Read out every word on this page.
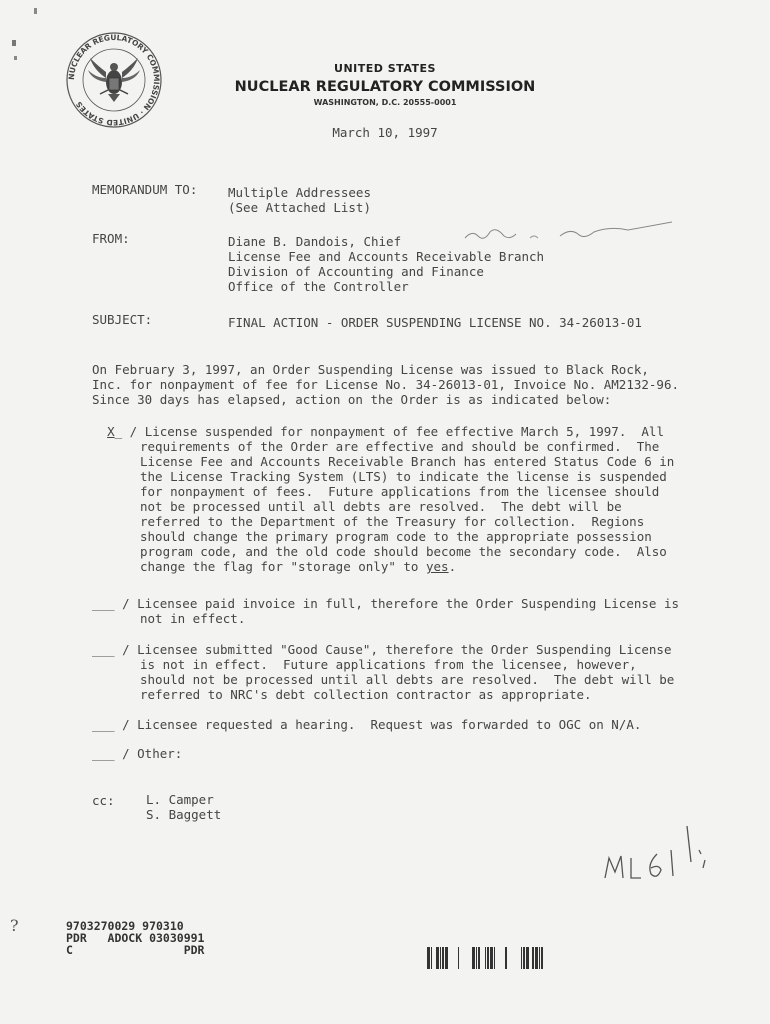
NUCLEAR REGULATORY COMMISSION · UNITED STATES
UNITED STATES
NUCLEAR REGULATORY COMMISSION
WASHINGTON, D.C. 20555-0001
March 10, 1997
MEMORANDUM TO: Multiple Addressees
(See Attached List)
FROM:	Diane B. Dandois, Chief
License Fee and Accounts Receivable Branch
Division of Accounting and Finance
Office of the Controller
SUBJECT:	FINAL ACTION - ORDER SUSPENDING LICENSE NO. 34-26013-01
On February 3, 1997, an Order Suspending License was issued to Black Rock,
Inc. for nonpayment of fee for License No. 34-26013-01, Invoice No. AM2132-96.
Since 30 days has elapsed, action on the Order is as indicated below:
X_ / License suspended for nonpayment of fee effective March 5, 1997.  All
requirements of the Order are effective and should be confirmed.  The
License Fee and Accounts Receivable Branch has entered Status Code 6 in
the License Tracking System (LTS) to indicate the license is suspended
for nonpayment of fees.  Future applications from the licensee should
not be processed until all debts are resolved.  The debt will be
referred to the Department of the Treasury for collection.  Regions
should change the primary program code to the appropriate possession
program code, and the old code should become the secondary code.  Also
change the flag for "storage only" to yes.
___ / Licensee paid invoice in full, therefore the Order Suspending License is
not in effect.
___ / Licensee submitted "Good Cause", therefore the Order Suspending License
is not in effect.  Future applications from the licensee, however,
should not be processed until all debts are resolved.  The debt will be
referred to NRC's debt collection contractor as appropriate.
___ / Licensee requested a hearing.  Request was forwarded to OGC on N/A.
___ / Other:
cc:	L. Camper
S. Baggett
?	9703270029 970310
PDR   ADOCK 03030991
C                PDR
